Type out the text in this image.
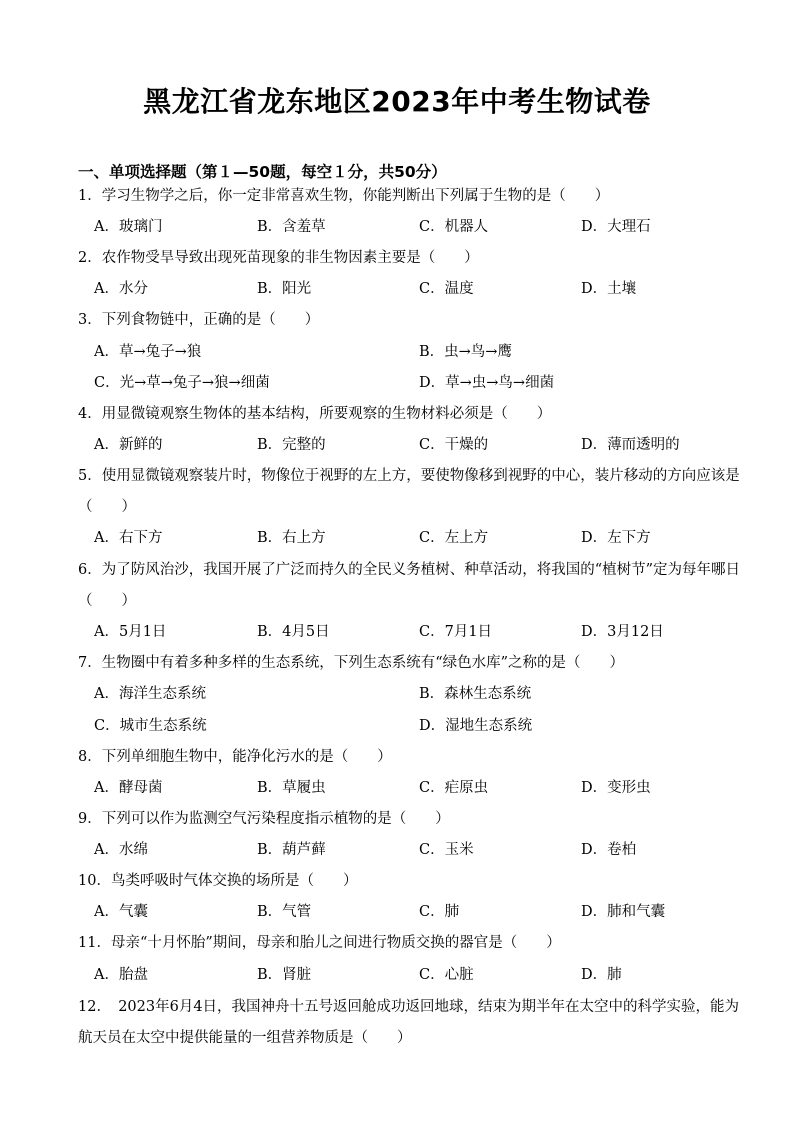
黑龙江省龙东地区2023年中考生物试卷
一、单项选择题（第１—50题，每空１分，共50分）
1．学习生物学之后，你一定非常喜欢生物，你能判断出下列属于生物的是（　　）
A．玻璃门	B．含羞草	C．机器人	D．大理石
2．农作物受旱导致出现死苗现象的非生物因素主要是（　　）
A．水分	B．阳光	C．温度	D．土壤
3．下列食物链中，正确的是（　　）
A．草→兔子→狼	B．虫→鸟→鹰
C．光→草→兔子→狼→细菌	D．草→虫→鸟→细菌
4．用显微镜观察生物体的基本结构，所要观察的生物材料必须是（　　）
A．新鲜的	B．完整的	C．干燥的	D．薄而透明的
5．使用显微镜观察装片时，物像位于视野的左上方，要使物像移到视野的中心，装片移动的方向应该是
（　　）
A．右下方	B．右上方	C．左上方	D．左下方
6．为了防风治沙，我国开展了广泛而持久的全民义务植树、种草活动，将我国的“植树节”定为每年哪日
（　　）
A．5月1日	B．4月5日	C．7月1日	D．3月12日
7．生物圈中有着多种多样的生态系统，下列生态系统有“绿色水库”之称的是（　　）
A．海洋生态系统	B．森林生态系统
C．城市生态系统	D．湿地生态系统
8．下列单细胞生物中，能净化污水的是（　　）
A．酵母菌	B．草履虫	C．疟原虫	D．变形虫
9．下列可以作为监测空气污染程度指示植物的是（　　）
A．水绵	B．葫芦藓	C．玉米	D．卷柏
10．鸟类呼吸时气体交换的场所是（　　）
A．气囊	B．气管	C．肺	D．肺和气囊
11．母亲“十月怀胎”期间，母亲和胎儿之间进行物质交换的器官是（　　）
A．胎盘	B．肾脏	C．心脏	D．肺
12．　2023年6月4日，我国神舟十五号返回舱成功返回地球，结束为期半年在太空中的科学实验，能为
航天员在太空中提供能量的一组营养物质是（　　）
